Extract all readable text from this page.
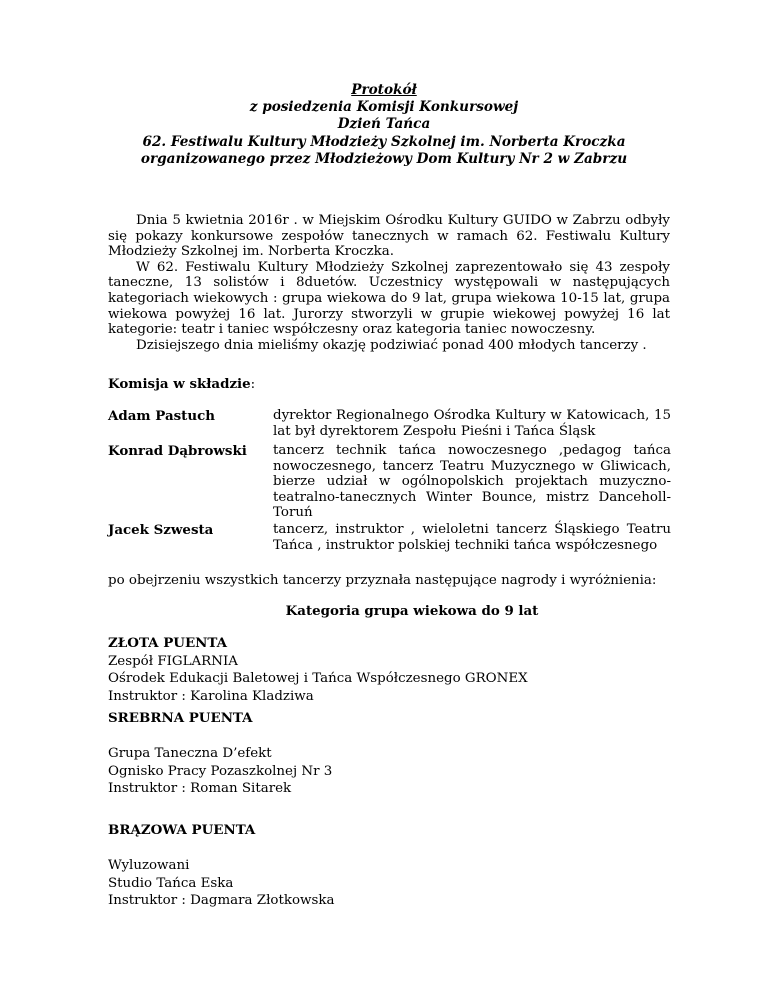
Protokół
z posiedzenia Komisji Konkursowej
Dzień Tańca
62. Festiwalu Kultury Młodzieży Szkolnej im. Norberta Kroczka
organizowanego przez Młodzieżowy Dom Kultury Nr 2 w Zabrzu

Dnia 5 kwietnia 2016r . w Miejskim Ośrodku Kultury GUIDO w Zabrzu odbyły się pokazy konkursowe zespołów tanecznych w ramach 62. Festiwalu Kultury Młodzieży Szkolnej im. Norberta Kroczka.

W 62. Festiwalu Kultury Młodzieży Szkolnej zaprezentowało się 43 zespoły taneczne, 13 solistów i 8duetów. Uczestnicy występowali w następujących kategoriach wiekowych : grupa wiekowa do 9 lat, grupa wiekowa 10-15 lat, grupa wiekowa powyżej 16 lat. Jurorzy stworzyli w grupie wiekowej powyżej 16 lat kategorie: teatr i taniec współczesny oraz kategoria taniec nowoczesny.

Dzisiejszego dnia mieliśmy okazję podziwiać ponad 400 młodych tancerzy .

Komisja w składzie:
Adam Pastuch	dyrektor Regionalnego Ośrodka Kultury w Katowicach, 15 lat był dyrektorem Zespołu Pieśni i Tańca Śląsk
Konrad Dąbrowski tancerz technik tańca nowoczesnego ,pedagog tańca nowoczesnego, tancerz Teatru Muzycznego w Gliwicach, bierze udział w ogólnopolskich projektach muzyczno-teatralno-tanecznych Winter Bounce, mistrz Danceholl-Toruń
Jacek Szwesta	tancerz, instruktor , wieloletni tancerz Śląskiego Teatru Tańca , instruktor polskiej techniki tańca współczesnego
po obejrzeniu wszystkich tancerzy przyznała następujące nagrody i wyróżnienia:
Kategoria grupa wiekowa do 9 lat
ZŁOTA PUENTA
Zespół FIGLARNIA
Ośrodek Edukacji Baletowej i Tańca Współczesnego GRONEX
Instruktor : Karolina Kladziwa
SREBRNA PUENTA
Grupa Taneczna D’efekt
Ognisko Pracy Pozaszkolnej Nr 3
Instruktor : Roman Sitarek
BRĄZOWA PUENTA
Wyluzowani
Studio Tańca Eska
Instruktor : Dagmara Złotkowska
